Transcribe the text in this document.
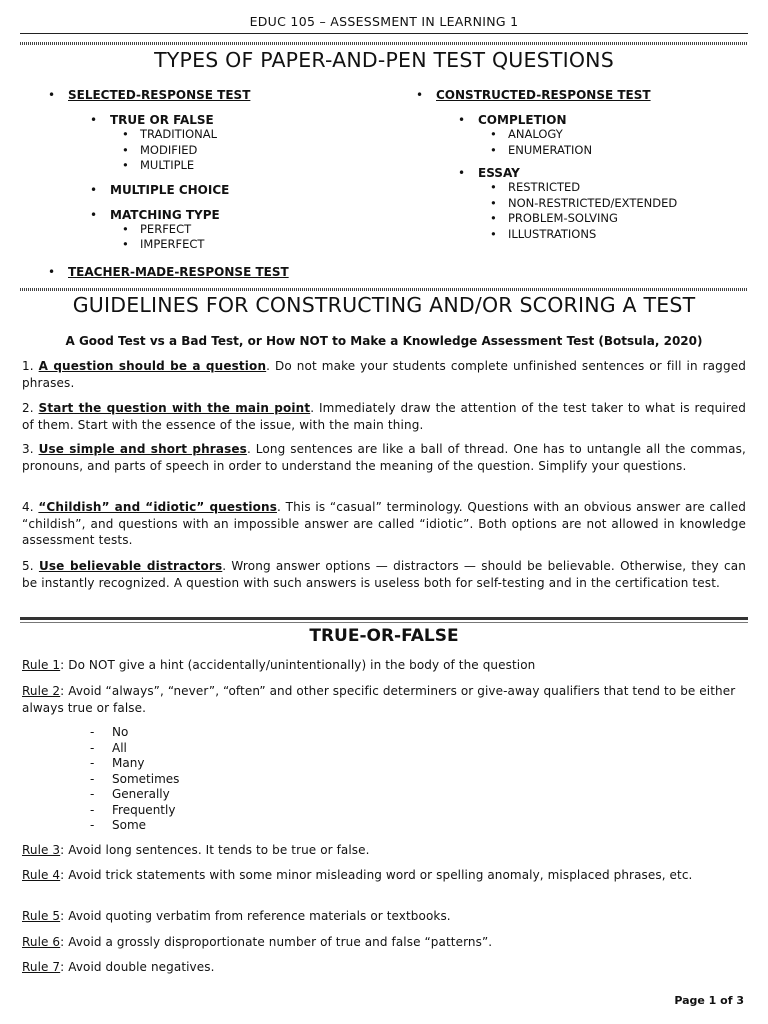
EDUC 105 – ASSESSMENT IN LEARNING 1
TYPES OF PAPER-AND-PEN TEST QUESTIONS
• SELECTED-RESPONSE TEST
• TRUE OR FALSE
• TRADITIONAL
• MODIFIED
• MULTIPLE
• MULTIPLE CHOICE
• MATCHING TYPE
• PERFECT
• IMPERFECT
• TEACHER-MADE-RESPONSE TEST
• CONSTRUCTED-RESPONSE TEST
• COMPLETION
• ANALOGY
• ENUMERATION
• ESSAY
• RESTRICTED
• NON-RESTRICTED/EXTENDED
• PROBLEM-SOLVING
• ILLUSTRATIONS
GUIDELINES FOR CONSTRUCTING AND/OR SCORING A TEST
A Good Test vs a Bad Test, or How NOT to Make a Knowledge Assessment Test (Botsula, 2020)
1. A question should be a question. Do not make your students complete unfinished sentences or fill in ragged phrases.
2. Start the question with the main point. Immediately draw the attention of the test taker to what is required of them. Start with the essence of the issue, with the main thing.
3. Use simple and short phrases. Long sentences are like a ball of thread. One has to untangle all the commas, pronouns, and parts of speech in order to understand the meaning of the question. Simplify your questions.
4. “Childish” and “idiotic” questions. This is “casual” terminology. Questions with an obvious answer are called “childish”, and questions with an impossible answer are called “idiotic”. Both options are not allowed in knowledge assessment tests.
5. Use believable distractors. Wrong answer options — distractors — should be believable. Otherwise, they can be instantly recognized. A question with such answers is useless both for self-testing and in the certification test.
TRUE-OR-FALSE
Rule 1: Do NOT give a hint (accidentally/unintentionally) in the body of the question
Rule 2: Avoid “always”, “never”, “often” and other specific determiners or give-away qualifiers that tend to be either always true or false.
- No
- All
- Many
- Sometimes
- Generally
- Frequently
- Some
Rule 3: Avoid long sentences. It tends to be true or false.
Rule 4: Avoid trick statements with some minor misleading word or spelling anomaly, misplaced phrases, etc.
Rule 5: Avoid quoting verbatim from reference materials or textbooks.
Rule 6: Avoid a grossly disproportionate number of true and false “patterns”.
Rule 7: Avoid double negatives.
Page 1 of 3
